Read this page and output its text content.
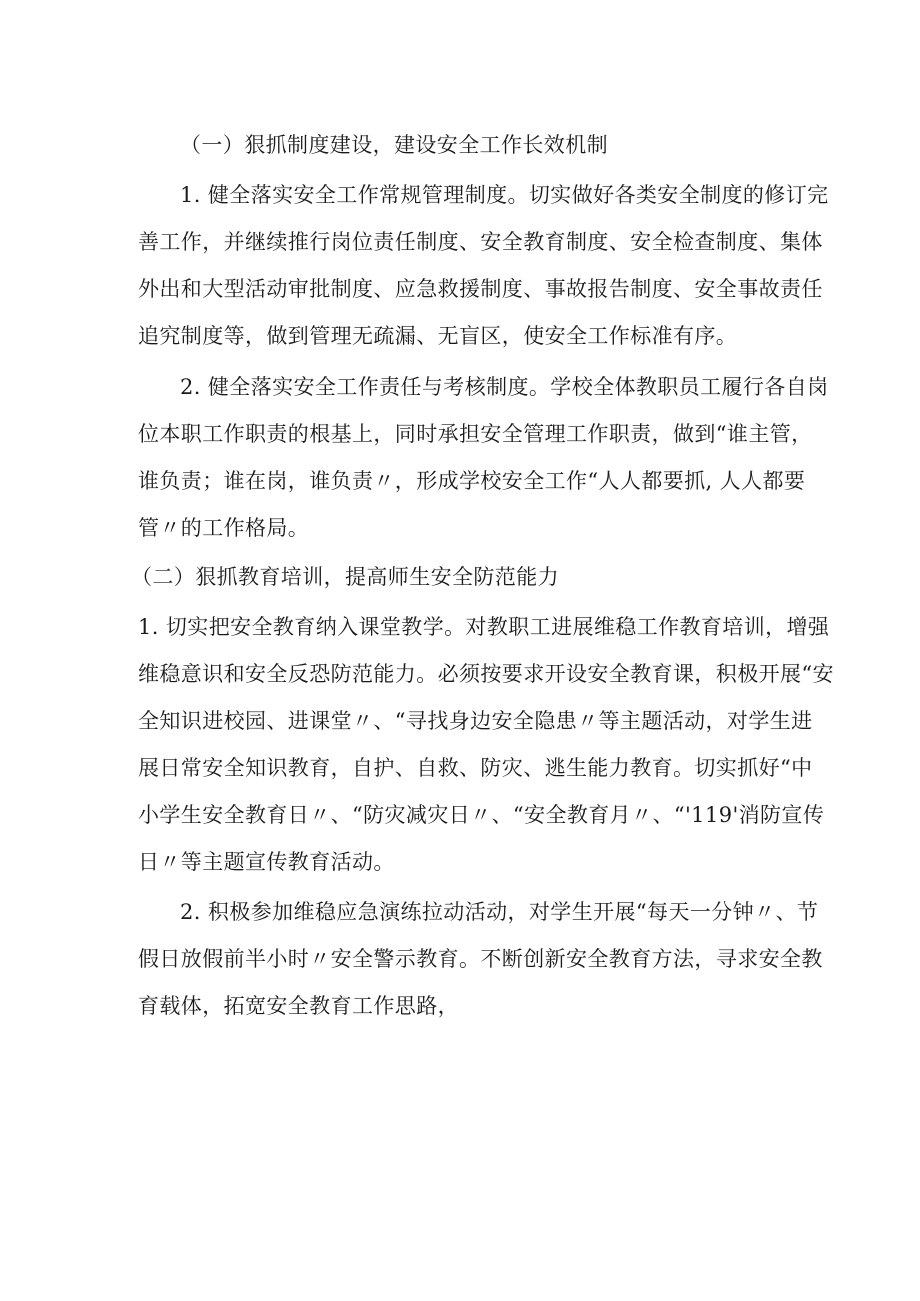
（一）狠抓制度建设，建设安全工作长效机制
1. 健全落实安全工作常规管理制度。切实做好各类安全制度的修订完
善工作，并继续推行岗位责任制度、安全教育制度、安全检查制度、集体
外出和大型活动审批制度、应急救援制度、事故报告制度、安全事故责任
追究制度等，做到管理无疏漏、无盲区，使安全工作标准有序。
2. 健全落实安全工作责任与考核制度。学校全体教职员工履行各自岗
位本职工作职责的根基上，同时承担安全管理工作职责，做到“谁主管，
谁负责；谁在岗，谁负责〃，形成学校安全工作“人人都要抓, 人人都要
管〃的工作格局。
（二）狠抓教育培训，提高师生安全防范能力
1. 切实把安全教育纳入课堂教学。对教职工进展维稳工作教育培训，增强
维稳意识和安全反恐防范能力。必须按要求开设安全教育课，积极开展“安
全知识进校园、进课堂〃、“寻找身边安全隐患〃等主题活动，对学生进
展日常安全知识教育，自护、自救、防灾、逃生能力教育。切实抓好“中
小学生安全教育日〃、“防灾减灾日〃、“安全教育月〃、“'119'消防宣传
日〃等主题宣传教育活动。
2. 积极参加维稳应急演练拉动活动，对学生开展“每天一分钟〃、节
假日放假前半小时〃安全警示教育。不断创新安全教育方法，寻求安全教
育载体，拓宽安全教育工作思路，
